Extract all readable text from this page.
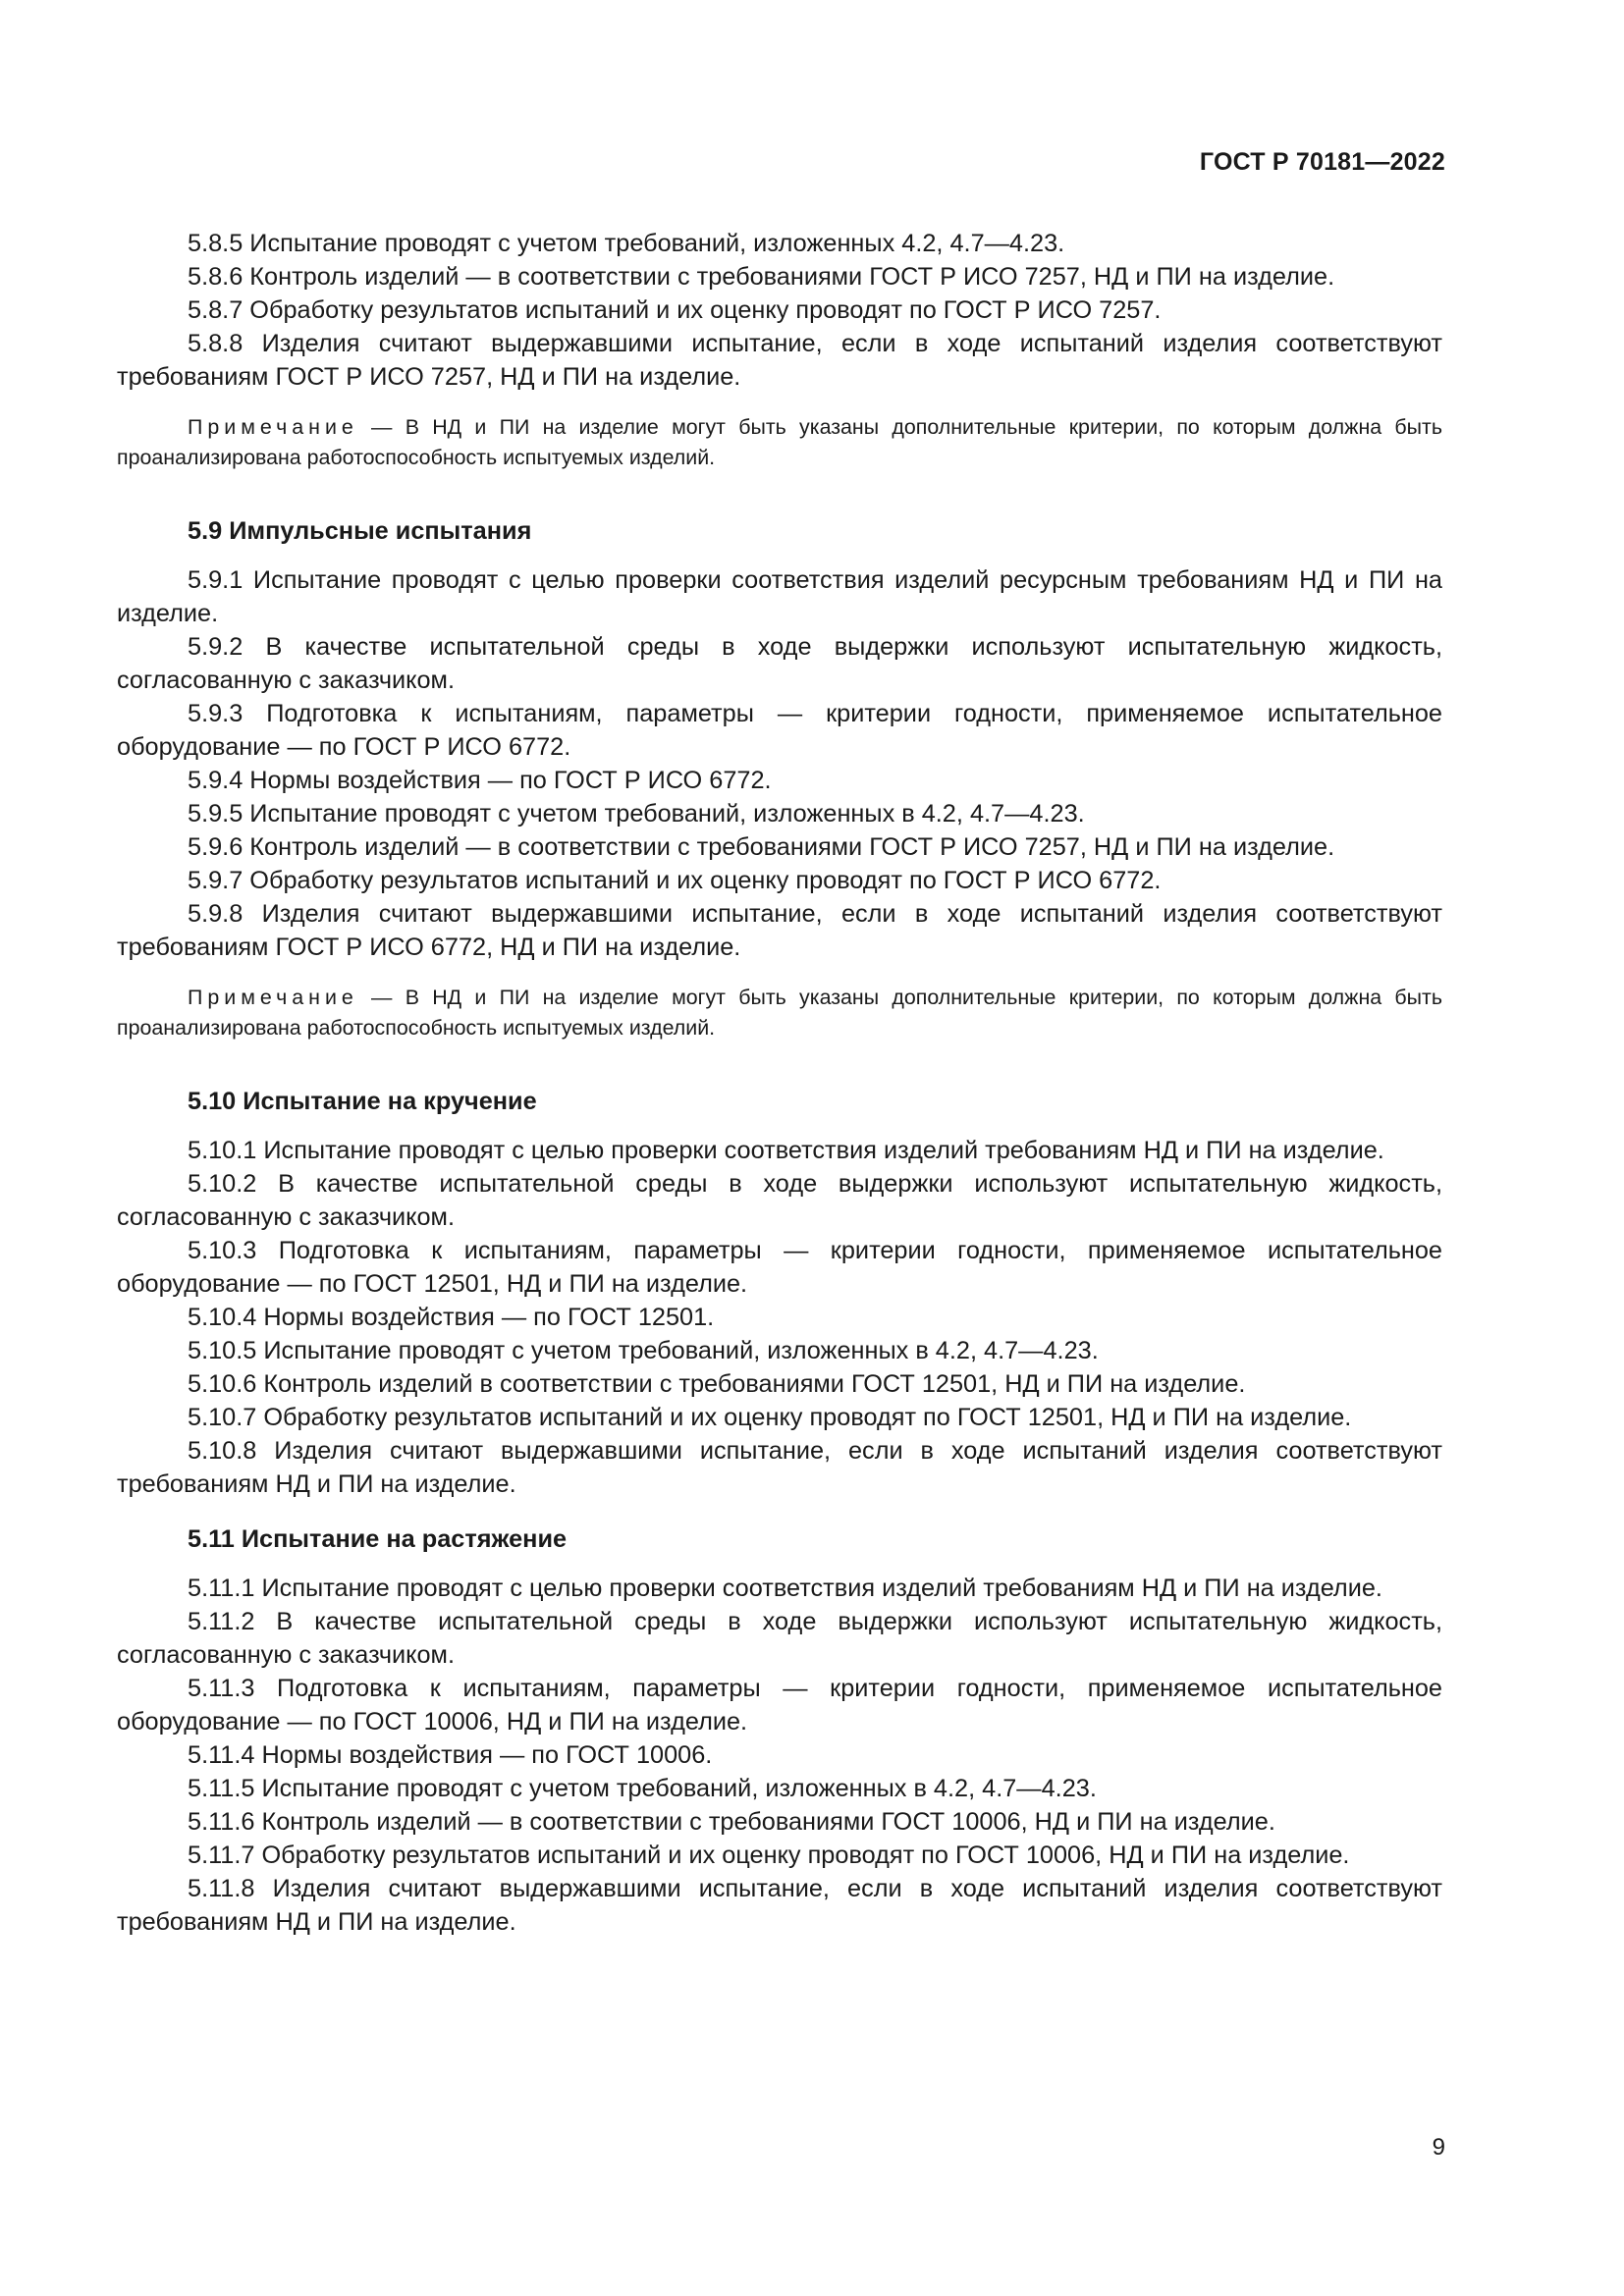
ГОСТ Р 70181—2022

5.8.5 Испытание проводят с учетом требований, изложенных 4.2, 4.7—4.23.

5.8.6 Контроль изделий — в соответствии с требованиями ГОСТ Р ИСО 7257, НД и ПИ на изделие.

5.8.7 Обработку результатов испытаний и их оценку проводят по ГОСТ Р ИСО 7257.

5.8.8 Изделия считают выдержавшими испытание, если в ходе испытаний изделия соответствуют требованиям ГОСТ Р ИСО 7257, НД и ПИ на изделие.

Примечание — В НД и ПИ на изделие могут быть указаны дополнительные критерии, по которым должна быть проанализирована работоспособность испытуемых изделий.

5.9 Импульсные испытания

5.9.1 Испытание проводят с целью проверки соответствия изделий ресурсным требованиям НД и ПИ на изделие.

5.9.2 В качестве испытательной среды в ходе выдержки используют испытательную жидкость, согласованную с заказчиком.

5.9.3 Подготовка к испытаниям, параметры — критерии годности, применяемое испытательное оборудование — по ГОСТ Р ИСО 6772.

5.9.4 Нормы воздействия — по ГОСТ Р ИСО 6772.

5.9.5 Испытание проводят с учетом требований, изложенных в 4.2, 4.7—4.23.

5.9.6 Контроль изделий — в соответствии с требованиями ГОСТ Р ИСО 7257, НД и ПИ на изделие.

5.9.7 Обработку результатов испытаний и их оценку проводят по ГОСТ Р ИСО 6772.

5.9.8 Изделия считают выдержавшими испытание, если в ходе испытаний изделия соответствуют требованиям ГОСТ Р ИСО 6772, НД и ПИ на изделие.

Примечание — В НД и ПИ на изделие могут быть указаны дополнительные критерии, по которым должна быть проанализирована работоспособность испытуемых изделий.

5.10 Испытание на кручение

5.10.1 Испытание проводят с целью проверки соответствия изделий требованиям НД и ПИ на изделие.

5.10.2 В качестве испытательной среды в ходе выдержки используют испытательную жидкость, согласованную с заказчиком.

5.10.3 Подготовка к испытаниям, параметры — критерии годности, применяемое испытательное оборудование — по ГОСТ 12501, НД и ПИ на изделие.

5.10.4 Нормы воздействия — по ГОСТ 12501.

5.10.5 Испытание проводят с учетом требований, изложенных в 4.2, 4.7—4.23.

5.10.6 Контроль изделий в соответствии с требованиями ГОСТ 12501, НД и ПИ на изделие.

5.10.7 Обработку результатов испытаний и их оценку проводят по ГОСТ 12501, НД и ПИ на изделие.

5.10.8 Изделия считают выдержавшими испытание, если в ходе испытаний изделия соответствуют требованиям НД и ПИ на изделие.

5.11 Испытание на растяжение

5.11.1 Испытание проводят с целью проверки соответствия изделий требованиям НД и ПИ на изделие.

5.11.2 В качестве испытательной среды в ходе выдержки используют испытательную жидкость, согласованную с заказчиком.

5.11.3 Подготовка к испытаниям, параметры — критерии годности, применяемое испытательное оборудование — по ГОСТ 10006, НД и ПИ на изделие.

5.11.4 Нормы воздействия — по ГОСТ 10006.

5.11.5 Испытание проводят с учетом требований, изложенных в 4.2, 4.7—4.23.

5.11.6 Контроль изделий — в соответствии с требованиями ГОСТ 10006, НД и ПИ на изделие.

5.11.7 Обработку результатов испытаний и их оценку проводят по ГОСТ 10006, НД и ПИ на изделие.

5.11.8 Изделия считают выдержавшими испытание, если в ходе испытаний изделия соответствуют требованиям НД и ПИ на изделие.

9
